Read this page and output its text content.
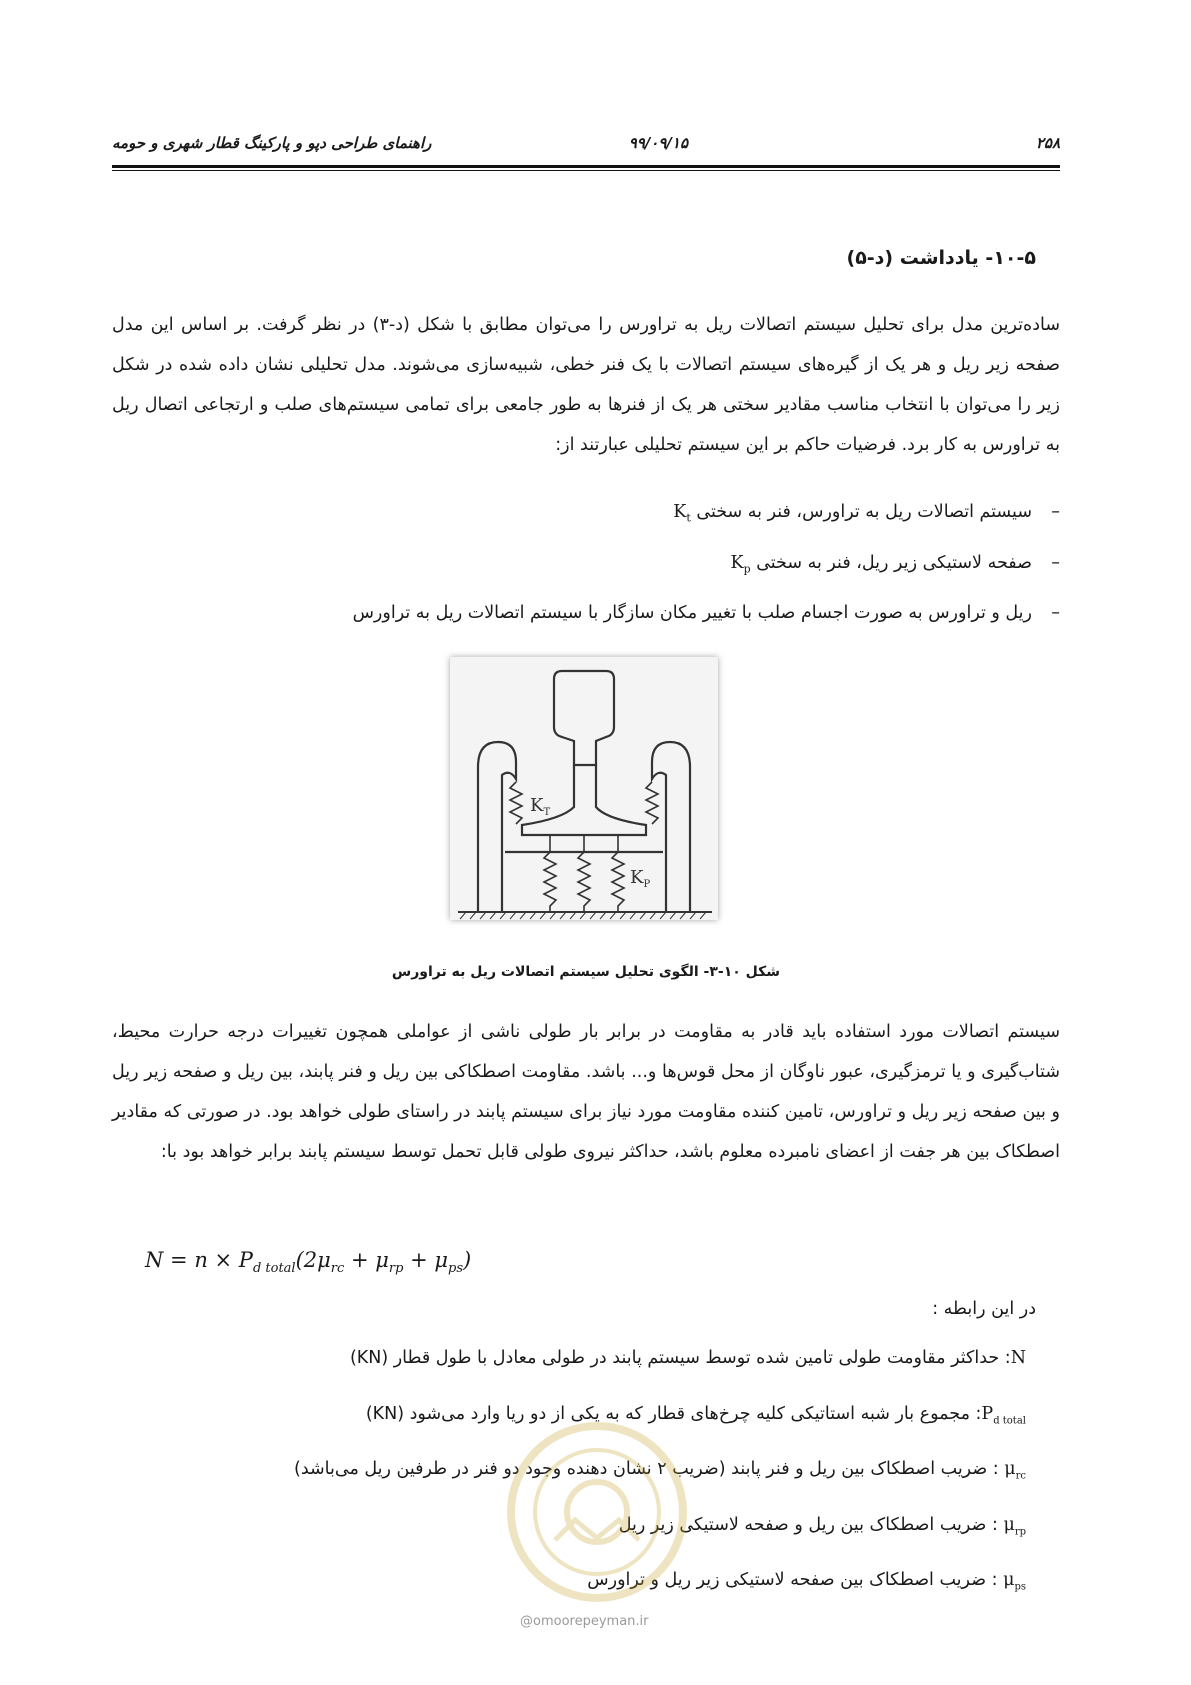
۲۵۸
۹۹/۰۹/۱۵
راهنمای طراحی دپو و پارکینگ قطار شهری و حومه
۱۰-۵- یادداشت (د-۵)
ساده‌ترین مدل برای تحلیل سیستم اتصالات ریل به تراورس را می‌توان مطابق با شکل (د-۳) در نظر گرفت. بر اساس این مدل صفحه زیر ریل و هر یک از گیره‌های سیستم اتصالات با یک فنر خطی، شبیه‌سازی می‌شوند. مدل تحلیلی نشان داده شده در شکل زیر را می‌توان با انتخاب مناسب مقادیر سختی هر یک از فنرها به طور جامعی برای تمامی سیستم‌های صلب و ارتجاعی اتصال ریل به تراورس به کار برد. فرضیات حاکم بر این سیستم تحلیلی عبارتند از:
–سیستم اتصالات ریل به تراورس، فنر به سختی $K_t$
–صفحه لاستیکی زیر ریل، فنر به سختی $K_p$
–ریل و تراورس به صورت اجسام صلب با تغییر مکان سازگار با سیستم اتصالات ریل به تراورس
$K_T$
$K_P$
شکل ۱۰-۳- الگوی تحلیل سیستم اتصالات ریل به تراورس
سیستم اتصالات مورد استفاده باید قادر به مقاومت در برابر بار طولی ناشی از عواملی همچون تغییرات درجه حرارت محیط، شتاب‌گیری و یا ترمزگیری، عبور ناوگان از محل قوس‌ها و... باشد. مقاومت اصطکاکی بین ریل و فنر پابند، بین ریل و صفحه زیر ریل و بین صفحه زیر ریل و تراورس، تامین کننده مقاومت مورد نیاز برای سیستم پابند در راستای طولی خواهد بود. در صورتی که مقادیر اصطکاک بین هر جفت از اعضای نامبرده معلوم باشد، حداکثر نیروی طولی قابل تحمل توسط سیستم پابند برابر خواهد بود با:
$N = n \times P_{d total}(2\mu_{rc} + \mu_{rp} + \mu_{ps})$
در این رابطه :
N: حداکثر مقاومت طولی تامین شده توسط سیستم پابند در طولی معادل با طول قطار (KN)
$P_{d total}$: مجموع بار شبه استاتیکی کلیه چرخ‌های قطار که به یکی از دو ریا وارد می‌شود (KN)
$\mu_{rc}$ : ضریب اصطکاک بین ریل و فنر پابند (ضریب ۲ نشان دهنده وجود دو فنر در طرفین ریل می‌باشد)
$\mu_{rp}$ : ضریب اصطکاک بین ریل و صفحه لاستیکی زیر ریل
$\mu_{ps}$ : ضریب اصطکاک بین صفحه لاستیکی زیر ریل و تراورس
@omoorepeyman.ir
